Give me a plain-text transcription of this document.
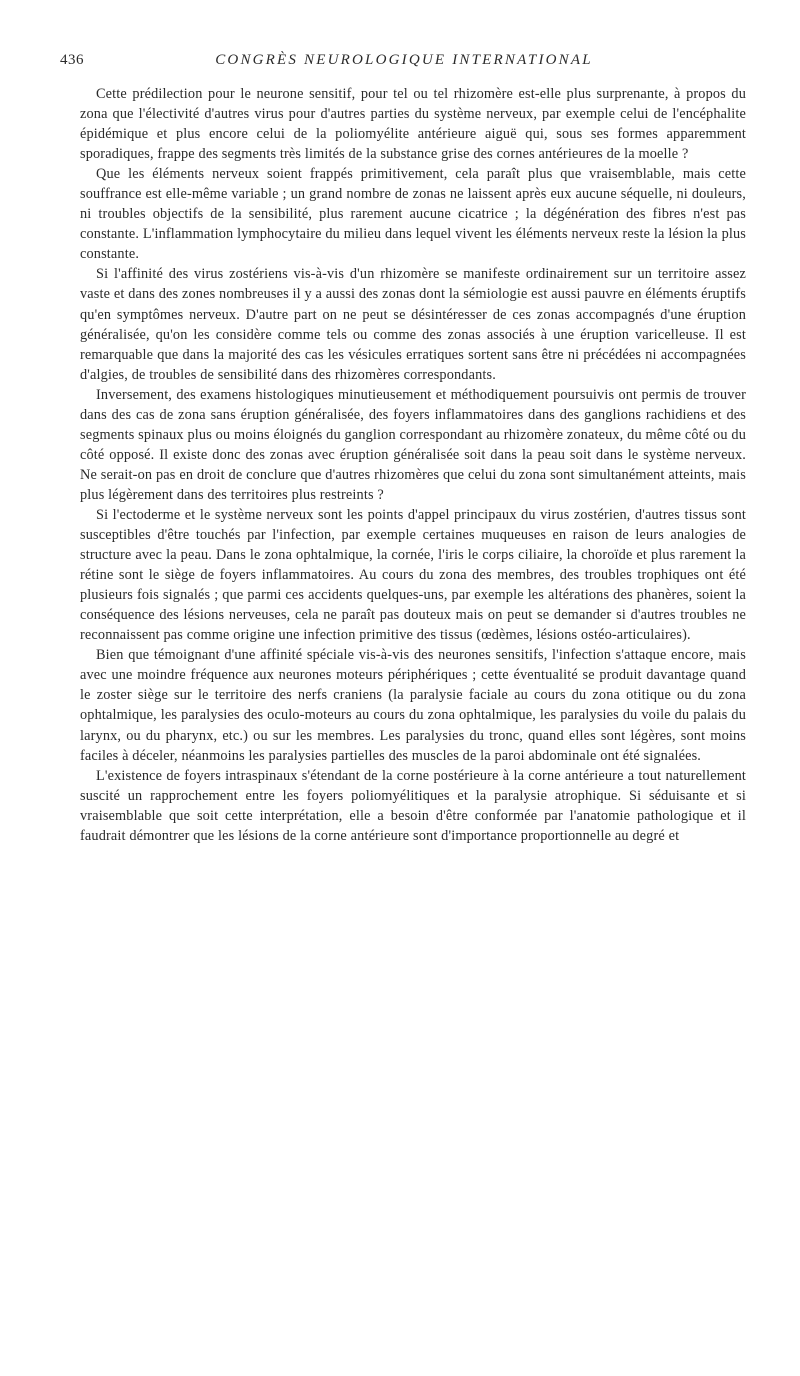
436	CONGRÈS NEUROLOGIQUE INTERNATIONAL

Cette prédilection pour le neurone sensitif, pour tel ou tel rhizomère est-elle plus surprenante, à propos du zona que l'électivité d'autres virus pour d'autres parties du système nerveux, par exemple celui de l'encéphalite épidémique et plus encore celui de la poliomyélite antérieure aiguë qui, sous ses formes apparemment sporadiques, frappe des segments très limités de la substance grise des cornes antérieures de la moelle ?

Que les éléments nerveux soient frappés primitivement, cela paraît plus que vraisemblable, mais cette souffrance est elle-même variable ; un grand nombre de zonas ne laissent après eux aucune séquelle, ni douleurs, ni troubles objectifs de la sensibilité, plus rarement aucune cicatrice ; la dégénération des fibres n'est pas constante. L'inflammation lymphocytaire du milieu dans lequel vivent les éléments nerveux reste la lésion la plus constante.

Si l'affinité des virus zostériens vis-à-vis d'un rhizomère se manifeste ordinairement sur un territoire assez vaste et dans des zones nombreuses il y a aussi des zonas dont la sémiologie est aussi pauvre en éléments éruptifs qu'en symptômes nerveux. D'autre part on ne peut se désintéresser de ces zonas accompagnés d'une éruption généralisée, qu'on les considère comme tels ou comme des zonas associés à une éruption varicelleuse. Il est remarquable que dans la majorité des cas les vésicules erratiques sortent sans être ni précédées ni accompagnées d'algies, de troubles de sensibilité dans des rhizomères correspondants.

Inversement, des examens histologiques minutieusement et méthodiquement poursuivis ont permis de trouver dans des cas de zona sans éruption généralisée, des foyers inflammatoires dans des ganglions rachidiens et des segments spinaux plus ou moins éloignés du ganglion correspondant au rhizomère zonateux, du même côté ou du côté opposé. Il existe donc des zonas avec éruption généralisée soit dans la peau soit dans le système nerveux. Ne serait-on pas en droit de conclure que d'autres rhizomères que celui du zona sont simultanément atteints, mais plus légèrement dans des territoires plus restreints ?

Si l'ectoderme et le système nerveux sont les points d'appel principaux du virus zostérien, d'autres tissus sont susceptibles d'être touchés par l'infection, par exemple certaines muqueuses en raison de leurs analogies de structure avec la peau. Dans le zona ophtalmique, la cornée, l'iris le corps ciliaire, la choroïde et plus rarement la rétine sont le siège de foyers inflammatoires. Au cours du zona des membres, des troubles trophiques ont été plusieurs fois signalés ; que parmi ces accidents quelques-uns, par exemple les altérations des phanères, soient la conséquence des lésions nerveuses, cela ne paraît pas douteux mais on peut se demander si d'autres troubles ne reconnaissent pas comme origine une infection primitive des tissus (œdèmes, lésions ostéo-articulaires).

Bien que témoignant d'une affinité spéciale vis-à-vis des neurones sensitifs, l'infection s'attaque encore, mais avec une moindre fréquence aux neurones moteurs périphériques ; cette éventualité se produit davantage quand le zoster siège sur le territoire des nerfs craniens (la paralysie faciale au cours du zona otitique ou du zona ophtalmique, les paralysies des oculo-moteurs au cours du zona ophtalmique, les paralysies du voile du palais du larynx, ou du pharynx, etc.) ou sur les membres. Les paralysies du tronc, quand elles sont légères, sont moins faciles à déceler, néanmoins les paralysies partielles des muscles de la paroi abdominale ont été signalées.

L'existence de foyers intraspinaux s'étendant de la corne postérieure à la corne antérieure a tout naturellement suscité un rapprochement entre les foyers poliomyélitiques et la paralysie atrophique. Si séduisante et si vraisemblable que soit cette interprétation, elle a besoin d'être conformée par l'anatomie pathologique et il faudrait démontrer que les lésions de la corne antérieure sont d'importance proportionnelle au degré et
